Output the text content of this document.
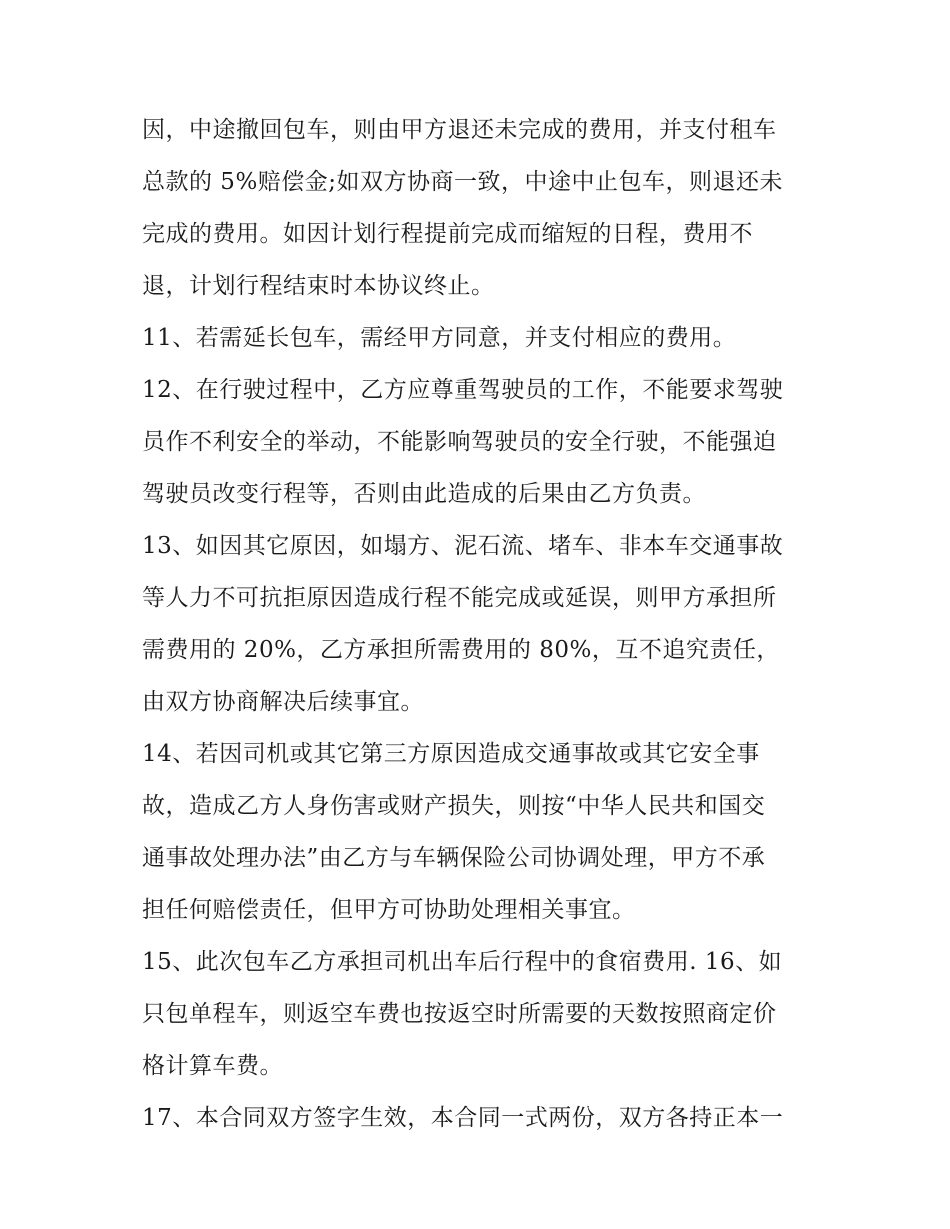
因，中途撤回包车，则由甲方退还未完成的费用，并支付租车
总款的 5%赔偿金;如双方协商一致，中途中止包车，则退还未
完成的费用。如因计划行程提前完成而缩短的日程，费用不
退，计划行程结束时本协议终止。
11、若需延长包车，需经甲方同意，并支付相应的费用。
12、在行驶过程中，乙方应尊重驾驶员的工作，不能要求驾驶
员作不利安全的举动，不能影响驾驶员的安全行驶，不能强迫
驾驶员改变行程等，否则由此造成的后果由乙方负责。
13、如因其它原因，如塌方、泥石流、堵车、非本车交通事故
等人力不可抗拒原因造成行程不能完成或延误，则甲方承担所
需费用的 20%，乙方承担所需费用的 80%，互不追究责任，
由双方协商解决后续事宜。
14、若因司机或其它第三方原因造成交通事故或其它安全事
故，造成乙方人身伤害或财产损失，则按“中华人民共和国交
通事故处理办法”由乙方与车辆保险公司协调处理，甲方不承
担任何赔偿责任，但甲方可协助处理相关事宜。
15、此次包车乙方承担司机出车后行程中的食宿费用. 16、如
只包单程车，则返空车费也按返空时所需要的天数按照商定价
格计算车费。
17、本合同双方签字生效，本合同一式两份，双方各持正本一
